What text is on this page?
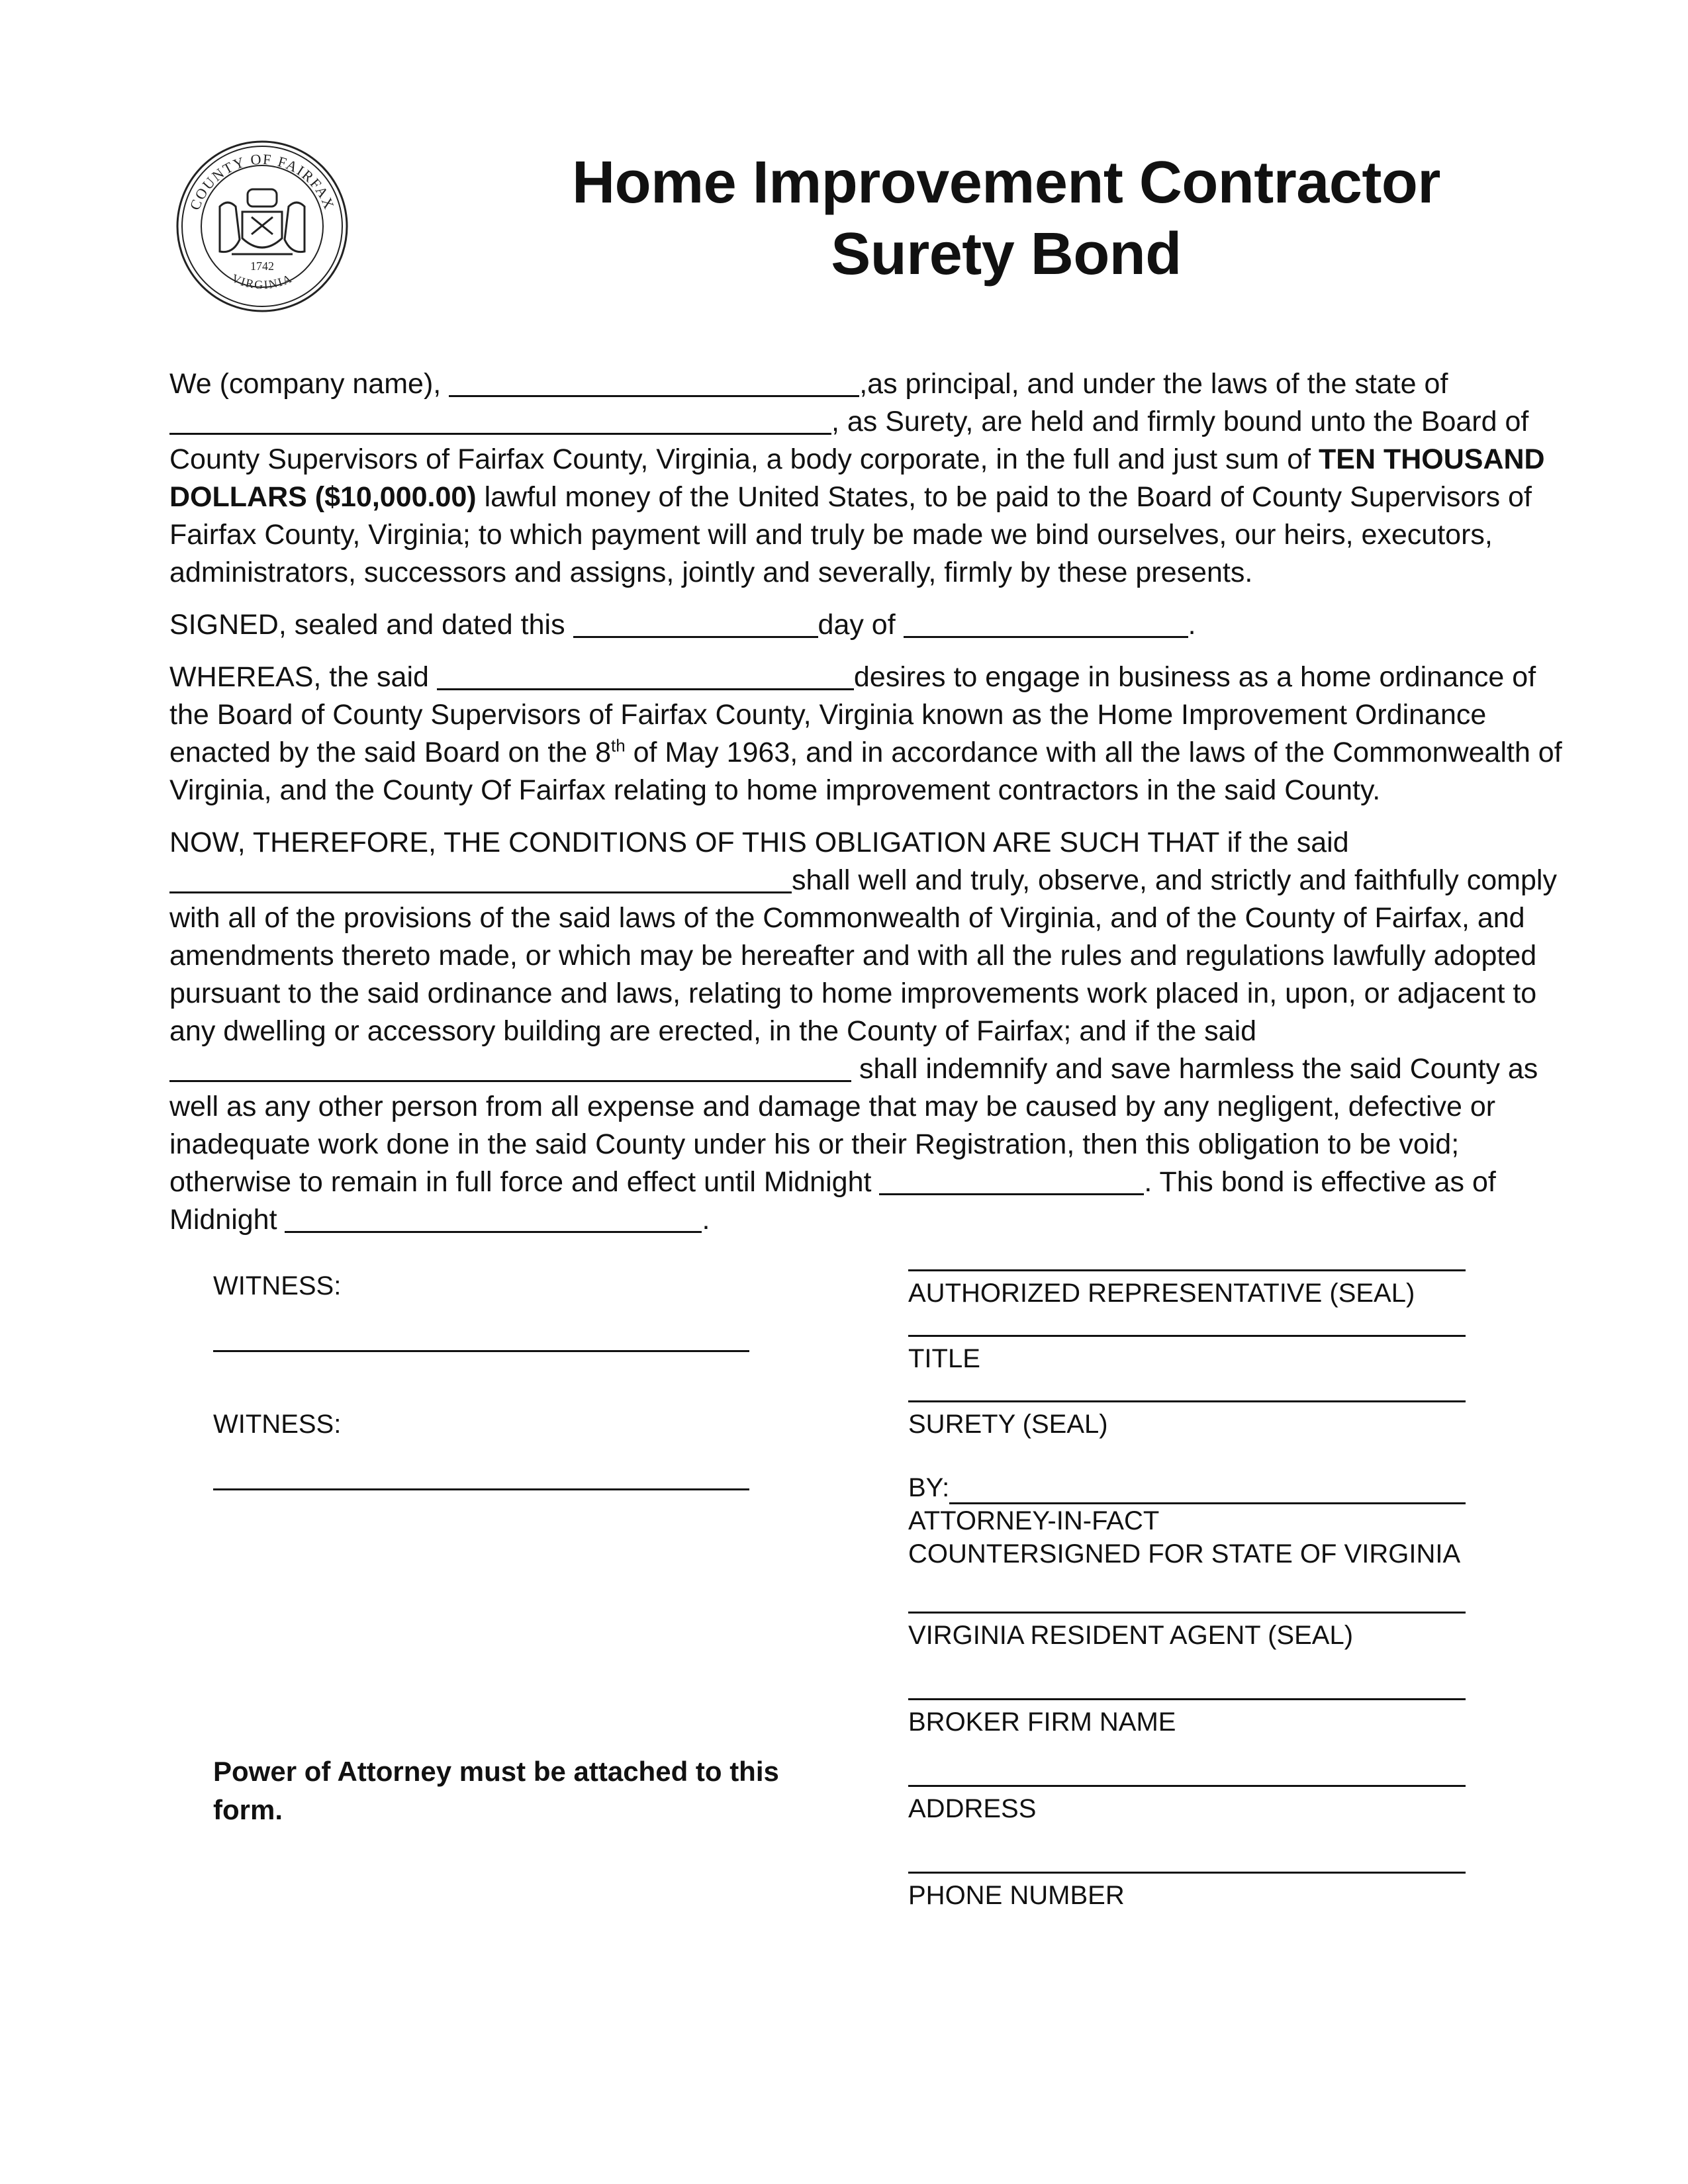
COUNTY OF FAIRFAX
VIRGINIA
1742
Home Improvement Contractor
Surety Bond

We (company name),	,as principal, and under the laws of the state of
, as Surety, are held and firmly bound unto the Board of County Supervisors of Fairfax County, Virginia, a body corporate, in the full and just sum of TEN THOUSAND DOLLARS ($10,000.00) lawful money of the United States, to be paid to the Board of County Supervisors of Fairfax County, Virginia; to which payment will and truly be made we bind ourselves, our heirs, executors, administrators, successors and assigns, jointly and severally, firmly by these presents.

SIGNED, sealed and dated this	day of	.

WHEREAS, the said	desires to engage in business as a home ordinance of the Board of County Supervisors of Fairfax County, Virginia known as the Home Improvement Ordinance enacted by the said Board on the 8th of May 1963, and in accordance with all the laws of the Commonwealth of Virginia, and the County Of Fairfax relating to home improvement contractors in the said County.

NOW, THEREFORE, THE CONDITIONS OF THIS OBLIGATION ARE SUCH THAT if the said shall well and truly, observe, and strictly and faithfully comply with all of the provisions of the said laws of the Commonwealth of Virginia, and of the County of Fairfax, and amendments thereto made, or which may be hereafter and with all the rules and regulations lawfully adopted pursuant to the said ordinance and laws, relating to home improvements work placed in, upon, or adjacent to any dwelling or accessory building are erected, in the County of Fairfax; and if the said  shall indemnify and save harmless the said County as well as any other person from all expense and damage that may be caused by any negligent, defective or inadequate work done in the said County under his or their Registration, then this obligation to be void; otherwise to remain in full force and effect until Midnight	. This bond is effective as of Midnight	.

WITNESS:
WITNESS:
Power of Attorney must be attached to this form.
AUTHORIZED REPRESENTATIVE (SEAL)
TITLE
SURETY (SEAL)
BY:
ATTORNEY-IN-FACT
COUNTERSIGNED FOR STATE OF VIRGINIA
VIRGINIA RESIDENT AGENT (SEAL)
BROKER FIRM NAME
ADDRESS
PHONE NUMBER
